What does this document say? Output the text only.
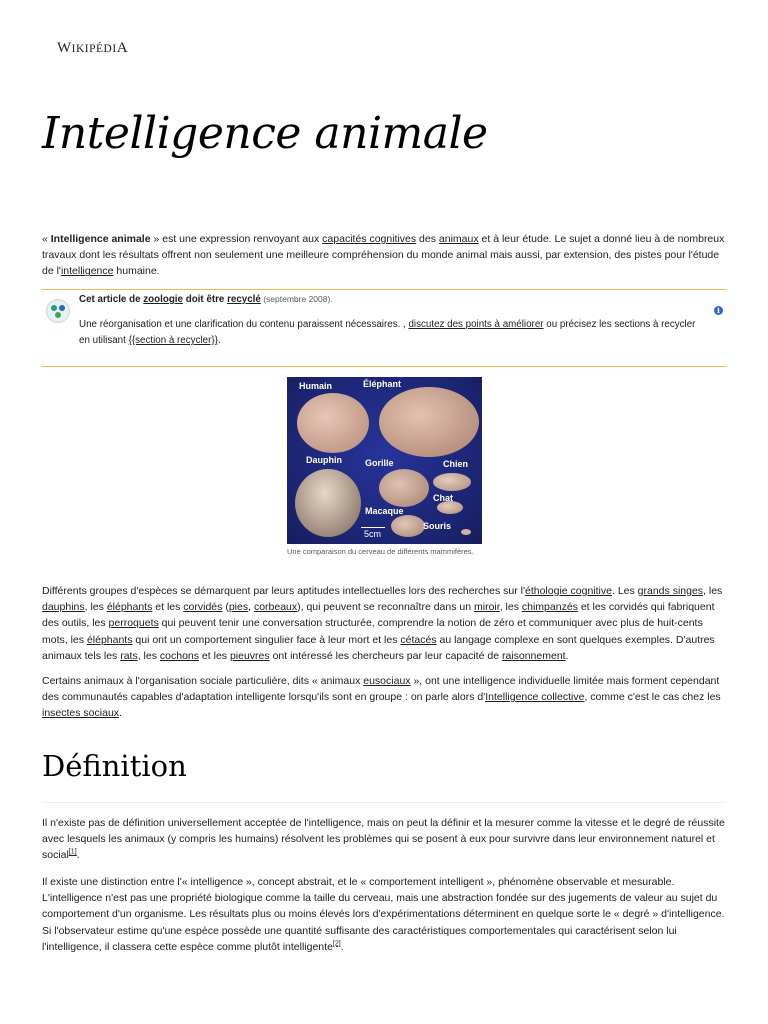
WIKIPÉDIA
Intelligence animale

« Intelligence animale » est une expression renvoyant aux capacités cognitives des animaux et à leur étude. Le sujet a donné lieu à de nombreux travaux dont les résultats offrent non seulement une meilleure compréhension du monde animal mais aussi, par extension, des pistes pour l'étude de l'intelligence humaine.

Cet article de zoologie doit être recyclé (septembre 2008).
Une réorganisation et une clarification du contenu paraissent nécessaires. , discutez des points à améliorer ou précisez les sections à recycler en utilisant {{section à recycler}}.
i
Humain	Éléphant
Dauphin	Gorille	Chien
Chat
Macaque
Souris
5cm
Une comparaison du cerveau de différents mammifères.

Différents groupes d'espèces se démarquent par leurs aptitudes intellectuelles lors des recherches sur l'éthologie cognitive. Les grands singes, les dauphins, les éléphants et les corvidés (pies, corbeaux), qui peuvent se reconnaître dans un miroir, les chimpanzés et les corvidés qui fabriquent des outils, les perroquets qui peuvent tenir une conversation structurée, comprendre la notion de zéro et communiquer avec plus de huit-cents mots, les éléphants qui ont un comportement singulier face à leur mort et les cétacés au langage complexe en sont quelques exemples. D'autres animaux tels les rats, les cochons et les pieuvres ont intéressé les chercheurs par leur capacité de raisonnement.

Certains animaux à l'organisation sociale particulière, dits « animaux eusociaux », ont une intelligence individuelle limitée mais forment cependant des communautés capables d'adaptation intelligente lorsqu'ils sont en groupe : on parle alors d'Intelligence collective, comme c'est le cas chez les insectes sociaux.

Définition

Il n'existe pas de définition universellement acceptée de l'intelligence, mais on peut la définir et la mesurer comme la vitesse et le degré de réussite avec lesquels les animaux (y compris les humains) résolvent les problèmes qui se posent à eux pour survivre dans leur environnement naturel et social[1].

Il existe une distinction entre l'« intelligence », concept abstrait, et le « comportement intelligent », phénomène observable et mesurable. L'intelligence n'est pas une propriété biologique comme la taille du cerveau, mais une abstraction fondée sur des jugements de valeur au sujet du comportement d'un organisme. Les résultats plus ou moins élevés lors d'expérimentations déterminent en quelque sorte le « degré » d'intelligence. Si l'observateur estime qu'une espèce possède une quantité suffisante des caractéristiques comportementales qui caractérisent selon lui l'intelligence, il classera cette espèce comme plutôt intelligente[2].
